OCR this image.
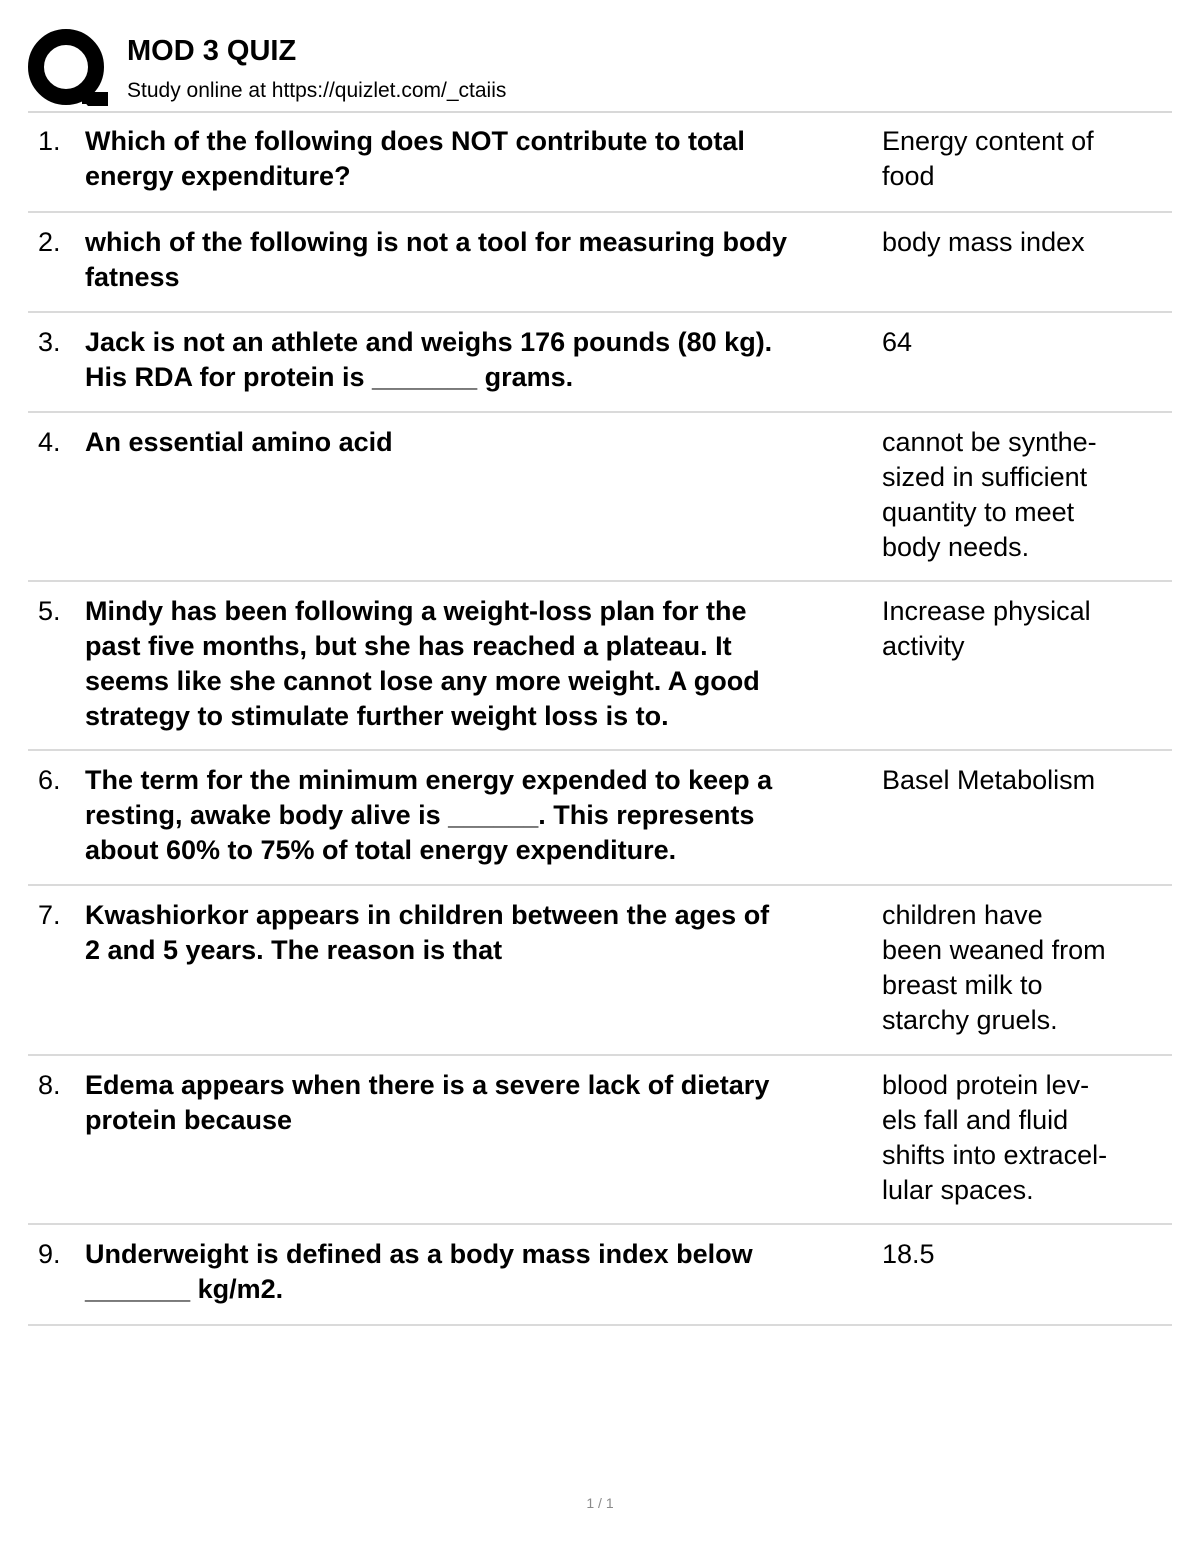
MOD 3 QUIZ
Study online at https://quizlet.com/_ctaiis
1. Which of the following does NOT contribute to total
energy expenditure?
Energy content of
food
2. which of the following is not a tool for measuring body
fatness
body mass index
3. Jack is not an athlete and weighs 176 pounds (80 kg).
His RDA for protein is _______ grams.
64
4. An essential amino acid	cannot be synthe-
sized in sufficient
quantity to meet
body needs.
5. Mindy has been following a weight-loss plan for the
past five months, but she has reached a plateau. It
seems like she cannot lose any more weight. A good
strategy to stimulate further weight loss is to.
Increase physical
activity
6. The term for the minimum energy expended to keep a
resting, awake body alive is ______. This represents
about 60% to 75% of total energy expenditure.
Basel Metabolism
7. Kwashiorkor appears in children between the ages of
2 and 5 years. The reason is that
children have
been weaned from
breast milk to
starchy gruels.
8. Edema appears when there is a severe lack of dietary
protein because
blood protein lev-
els fall and fluid
shifts into extracel-
lular spaces.
9. Underweight is defined as a body mass index below
_______ kg/m2.
18.5
1 / 1
